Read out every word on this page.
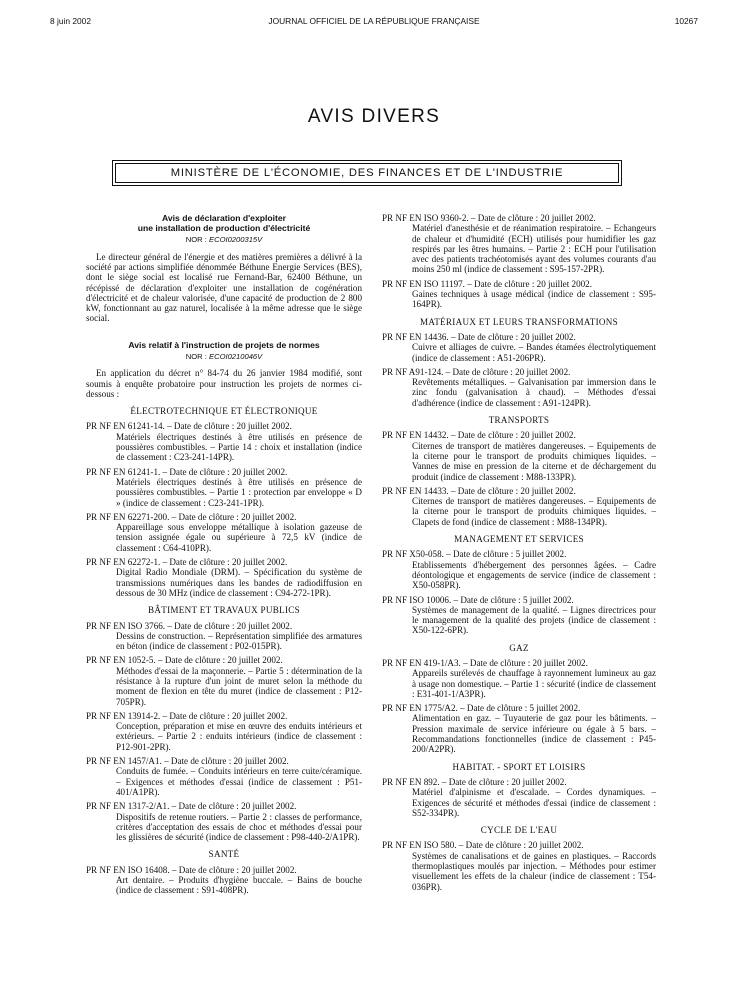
8 juin 2002	JOURNAL OFFICIEL DE LA RÉPUBLIQUE FRANÇAISE	10267
AVIS DIVERS
MINISTÈRE DE L'ÉCONOMIE, DES FINANCES ET DE L'INDUSTRIE
Avis de déclaration d'exploiter
une installation de production d'électricité
NOR : ECOI0200315V

Le directeur général de l'énergie et des matières premières a délivré à la société par actions simplifiée dénommée Béthune Energie Services (BES), dont le siège social est localisé rue Fernand-Bar, 62400 Béthune, un récépissé de déclaration d'exploiter une installation de cogénération d'électricité et de chaleur valorisée, d'une capacité de production de 2 800 kW, fonctionnant au gaz naturel, localisée à la même adresse que le siège social.

Avis relatif à l'instruction de projets de normes
NOR : ECOI0210046V

En application du décret n° 84-74 du 26 janvier 1984 modifié, sont soumis à enquête probatoire pour instruction les projets de normes ci-dessous :

ÉLECTROTECHNIQUE ET ÉLECTRONIQUE
PR NF EN 61241-14. – Date de clôture : 20 juillet 2002.
Matériels électriques destinés à être utilisés en présence de poussières combustibles. – Partie 14 : choix et installation (indice de classement : C23-241-14PR).
PR NF EN 61241-1. – Date de clôture : 20 juillet 2002.
Matériels électriques destinés à être utilisés en présence de poussières combustibles. – Partie 1 : protection par enveloppe « D » (indice de classement : C23-241-1PR).
PR NF EN 62271-200. – Date de clôture : 20 juillet 2002.
Appareillage sous enveloppe métallique à isolation gazeuse de tension assignée égale ou supérieure à 72,5 kV (indice de classement : C64-410PR).
PR NF EN 62272-1. – Date de clôture : 20 juillet 2002.
Digital Radio Mondiale (DRM). – Spécification du système de transmissions numériques dans les bandes de radiodiffusion en dessous de 30 MHz (indice de classement : C94-272-1PR).
BÂTIMENT ET TRAVAUX PUBLICS
PR NF EN ISO 3766. – Date de clôture : 20 juillet 2002.
Dessins de construction. – Représentation simplifiée des armatures en béton (indice de classement : P02-015PR).
PR NF EN 1052-5. – Date de clôture : 20 juillet 2002.
Méthodes d'essai de la maçonnerie. – Partie 5 : détermination de la résistance à la rupture d'un joint de muret selon la méthode du moment de flexion en tête du muret (indice de classement : P12-705PR).
PR NF EN 13914-2. – Date de clôture : 20 juillet 2002.
Conception, préparation et mise en œuvre des enduits intérieurs et extérieurs. – Partie 2 : enduits intérieurs (indice de classement : P12-901-2PR).
PR NF EN 1457/A1. – Date de clôture : 20 juillet 2002.
Conduits de fumée. – Conduits intérieurs en terre cuite/céramique. – Exigences et méthodes d'essai (indice de classement : P51-401/A1PR).
PR NF EN 1317-2/A1. – Date de clôture : 20 juillet 2002.
Dispositifs de retenue routiers. – Partie 2 : classes de performance, critères d'acceptation des essais de choc et méthodes d'essai pour les glissières de sécurité (indice de classement : P98-440-2/A1PR).
SANTÉ
PR NF EN ISO 16408. – Date de clôture : 20 juillet 2002.
Art dentaire. – Produits d'hygiène buccale. – Bains de bouche (indice de classement : S91-408PR).
PR NF EN ISO 9360-2. – Date de clôture : 20 juillet 2002.
Matériel d'anesthésie et de réanimation respiratoire. – Echangeurs de chaleur et d'humidité (ECH) utilisés pour humidifier les gaz respirés par les êtres humains. – Partie 2 : ECH pour l'utilisation avec des patients trachéotomisés ayant des volumes courants d'au moins 250 ml (indice de classement : S95-157-2PR).
PR NF EN ISO 11197. – Date de clôture : 20 juillet 2002.
Gaines techniques à usage médical (indice de classement : S95-164PR).
MATÉRIAUX ET LEURS TRANSFORMATIONS
PR NF EN 14436. – Date de clôture : 20 juillet 2002.
Cuivre et alliages de cuivre. – Bandes étamées électrolytiquement (indice de classement : A51-206PR).
PR NF A91-124. – Date de clôture : 20 juillet 2002.
Revêtements métalliques. – Galvanisation par immersion dans le zinc fondu (galvanisation à chaud). – Méthodes d'essai d'adhérence (indice de classement : A91-124PR).
TRANSPORTS
PR NF EN 14432. – Date de clôture : 20 juillet 2002.
Citernes de transport de matières dangereuses. – Equipements de la citerne pour le transport de produits chimiques liquides. – Vannes de mise en pression de la citerne et de déchargement du produit (indice de classement : M88-133PR).
PR NF EN 14433. – Date de clôture : 20 juillet 2002.
Citernes de transport de matières dangereuses. – Equipements de la citerne pour le transport de produits chimiques liquides. – Clapets de fond (indice de classement : M88-134PR).
MANAGEMENT ET SERVICES
PR NF X50-058. – Date de clôture : 5 juillet 2002.
Etablissements d'hébergement des personnes âgées. – Cadre déontologique et engagements de service (indice de classement : X50-058PR).
PR NF ISO 10006. – Date de clôture : 5 juillet 2002.
Systèmes de management de la qualité. – Lignes directrices pour le management de la qualité des projets (indice de classement : X50-122-6PR).
GAZ
PR NF EN 419-1/A3. – Date de clôture : 20 juillet 2002.
Appareils surélevés de chauffage à rayonnement lumineux au gaz à usage non domestique. – Partie 1 : sécurité (indice de classement : E31-401-1/A3PR).
PR NF EN 1775/A2. – Date de clôture : 5 juillet 2002.
Alimentation en gaz. – Tuyauterie de gaz pour les bâtiments. – Pression maximale de service inférieure ou égale à 5 bars. – Recommandations fonctionnelles (indice de classement : P45-200/A2PR).
HABITAT. - SPORT ET LOISIRS
PR NF EN 892. – Date de clôture : 20 juillet 2002.
Matériel d'alpinisme et d'escalade. – Cordes dynamiques. – Exigences de sécurité et méthodes d'essai (indice de classement : S52-334PR).
CYCLE DE L'EAU
PR NF EN ISO 580. – Date de clôture : 20 juillet 2002.
Systèmes de canalisations et de gaines en plastiques. – Raccords thermoplastiques moulés par injection. – Méthodes pour estimer visuellement les effets de la chaleur (indice de classement : T54-036PR).
